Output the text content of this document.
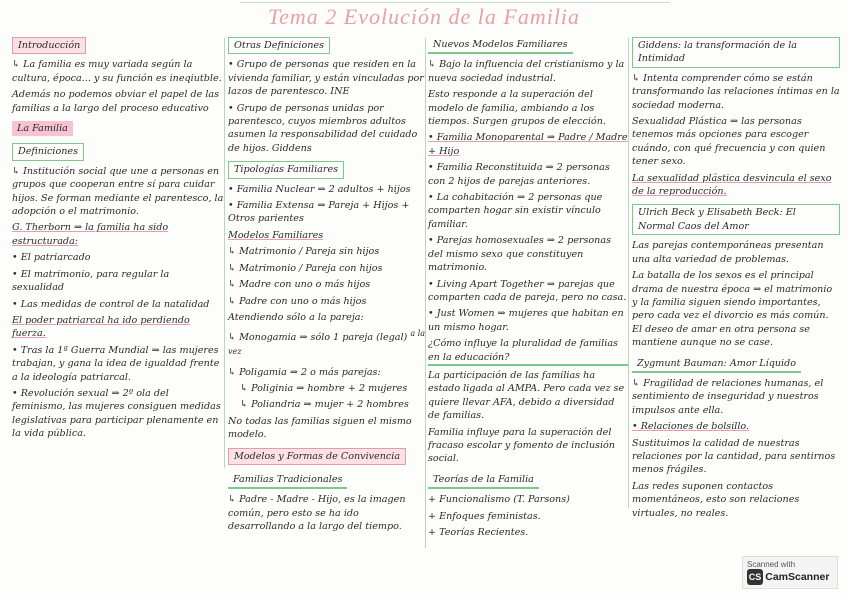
Tema 2 Evolución de la Familia
Introducción

↳ La familia es muy variada según la cultura, época... y su función es ineqiutble.

Además no podemos obviar el papel de las familias a la largo del proceso educativo

La Familia
Definiciones

↳ Institución social que une a personas en grupos que cooperan entre sí para cuidar hijos. Se forman mediante el parentesco, la adopción o el matrimonio.

G. Therborn ⇒ la familia ha sido estructurada:

• El patriarcado

• El matrimonio, para regular la sexualidad

• Las medidas de control de la natalidad

El poder patriarcal ha ido perdiendo fuerza.

• Tras la 1ª Guerra Mundial ⇒ las mujeres trabajan, y gana la idea de igualdad frente a la ideología patriarcal.

• Revolución sexual ⇒ 2º ola del feminismo, las mujeres consiguen medidas legislativas para participar plenamente en la vida pública.

Otras Definiciones

• Grupo de personas que residen en la vivienda familiar, y están vinculadas por lazos de parentesco. INE

• Grupo de personas unidas por parentesco, cuyos miembros adultos asumen la responsabilidad del cuidado de hijos. Giddens

Tipologías Familiares

• Familia Nuclear ⇒ 2 adultos + hijos

• Familia Extensa ⇒ Pareja + Hijos + Otros parientes

Modelos Familiares

↳ Matrimonio / Pareja sin hijos

↳ Matrimonio / Pareja con hijos

↳ Madre con uno o más hijos

↳ Padre con uno o más hijos

Atendiendo sólo a la pareja:

↳ Monogamia ⇒ sólo 1 pareja (legal) $^{a la vez}$

↳ Poligamia ⇒ 2 o más parejas:

↳ Poliginia ⇒ hombre + 2 mujeres

↳ Poliandria ⇒ mujer + 2 hombres

No todas las familias siguen el mismo modelo.

Modelos y Formas de Convivencia
Familias Tradicionales

↳ Padre - Madre - Hijo, es la imagen común, pero esto se ha ido desarrollando a la largo del tiempo.

Nuevos Modelos Familiares

↳ Bajo la influencia del cristianismo y la nueva sociedad industrial.

Esto responde a la superación del modelo de familia, ambiando a los tiempos. Surgen grupos de elección.

• Familia Monoparental ⇒ Padre / Madre + Hijo

• Familia Reconstituida ⇒ 2 personas con 2 hijos de parejas anteriores.

• La cohabitación ⇒ 2 personas que comparten hogar sin existir vínculo familiar.

• Parejas homosexuales ⇒ 2 personas del mismo sexo que constituyen matrimonio.

• Living Apart Together ⇒ parejas que comparten cada de pareja, pero no casa.

• Just Women ⇒ mujeres que habitan en un mismo hogar.

¿Cómo influye la pluralidad de familias en la educación?

La participación de las familias ha estado ligada al AMPA. Pero cada vez se quiere llevar AFA, debido a diversidad de familias.

Familia influye para la superación del fracaso escolar y fomento de inclusión social.

Teorías de la Familia

+ Funcionalismo (T. Parsons)

+ Enfoques feministas.

+ Teorías Recientes.

Giddens: la transformación de la Intimidad

↳ Intenta comprender cómo se están transformando las relaciones íntimas en la sociedad moderna.

Sexualidad Plástica ⇒ las personas tenemos más opciones para escoger cuándo, con qué frecuencia y con quien tener sexo.

La sexualidad plástica desvincula el sexo de la reproducción.

Ulrich Beck y Elisabeth Beck: El Normal Caos del Amor

Las parejas contemporáneas presentan una alta variedad de problemas.

La batalla de los sexos es el principal drama de nuestra época ⇒ el matrimonio y la familia siguen siendo importantes, pero cada vez el divorcio es más común. El deseo de amar en otra persona se mantiene aunque no se case.

Zygmunt Bauman: Amor Líquido

↳ Fragilidad de relaciones humanas, el sentimiento de inseguridad y nuestros impulsos ante ella.

• Relaciones de bolsillo.

Sustituimos la calidad de nuestras relaciones por la cantidad, para sentirnos menos frágiles.

Las redes suponen contactos momentáneos, esto son relaciones virtuales, no reales.

Scanned with
CS CamScanner
